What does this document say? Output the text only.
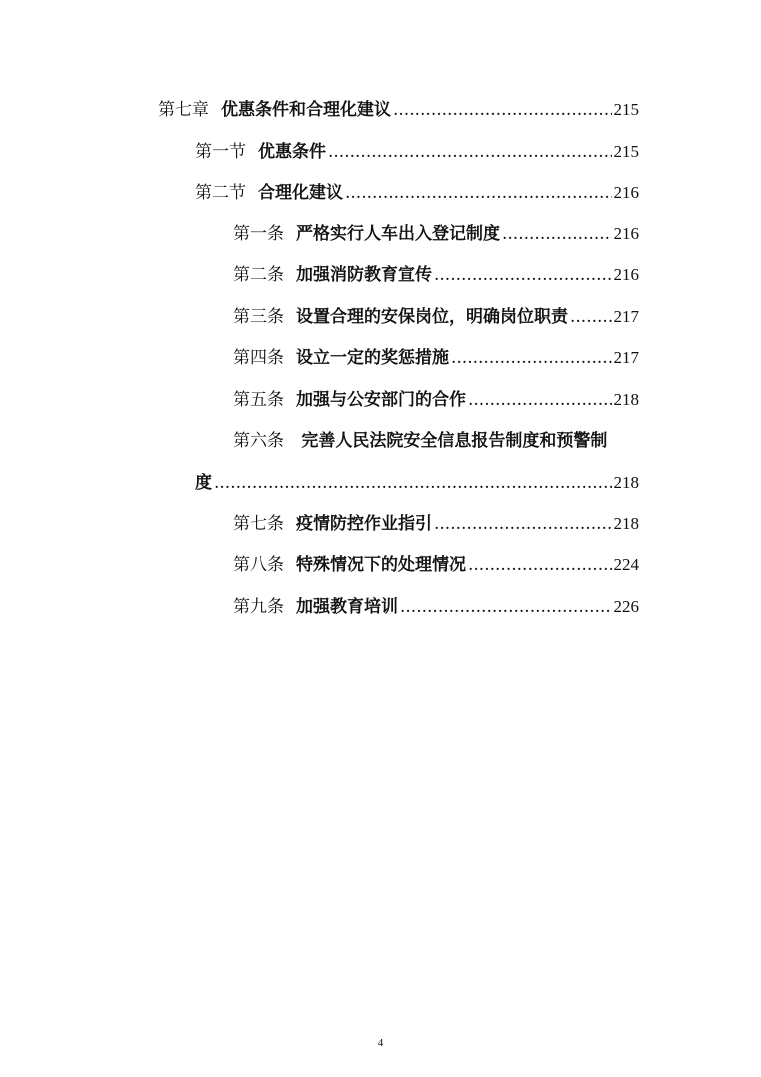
第七章 优惠条件和合理化建议 .....	215
第一节 优惠条件 .....	215
第二节 合理化建议 .....	216
第一条 严格实行人车出入登记制度 .....	216
第二条 加强消防教育宣传 .....	216
第三条 设置合理的安保岗位，明确岗位职责 .....	217
第四条 设立一定的奖惩措施 .....	217
第五条 加强与公安部门的合作 .....	218
第六条 完善人民法院安全信息报告制度和预警制
度 .....	218
第七条 疫情防控作业指引 .....	218
第八条 特殊情况下的处理情况 .....	224
第九条 加强教育培训 .....	226
4
